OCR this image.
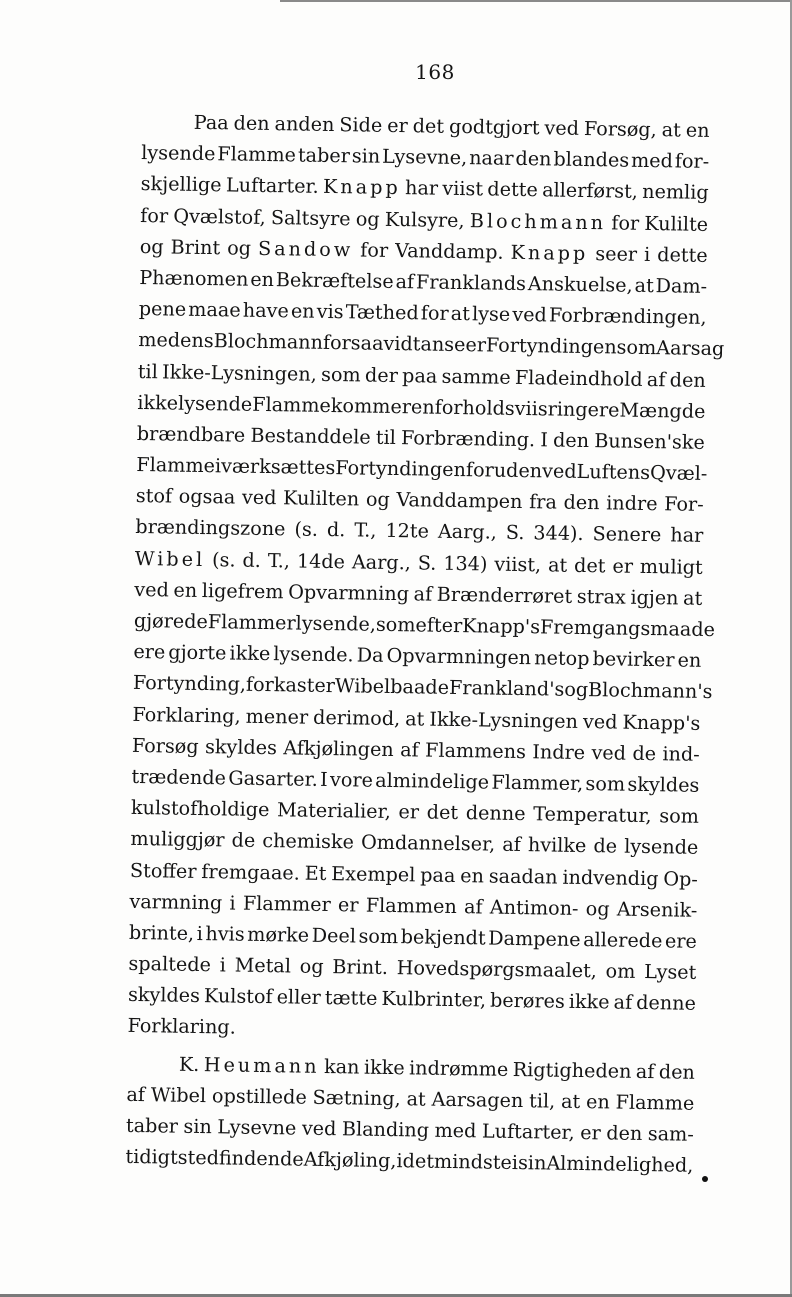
168
Paa den anden Side er det godtgjort ved Forsøg, at en
lysende Flamme taber sin Lysevne, naar den blandes med for-
skjellige Luftarter. Knapp har viist dette allerførst, nemlig
for Qvælstof, Saltsyre og Kulsyre, Blochmann for Kulilte
og Brint og Sandow for Vanddamp. Knapp seer i dette
Phænomen en Bekræftelse af Franklands Anskuelse, at Dam-
pene maae have en vis Tæthed for at lyse ved Forbrændingen,
medens Blochmann forsaavidt anseer Fortyndingen som Aarsag
til Ikke-Lysningen, som der paa samme Fladeindhold af den
ikke lysende Flamme kommer en forholdsviis ringere Mængde
brændbare Bestanddele til Forbrænding. I den Bunsen'ske
Flamme iværksættes Fortyndingen foruden ved Luftens Qvæl-
stof ogsaa ved Kulilten og Vanddampen fra den indre For-
brændingszone (s. d. T., 12te Aarg., S. 344). Senere har
Wibel (s. d. T., 14de Aarg., S. 134) viist, at det er muligt
ved en ligefrem Opvarmning af Brænderrøret strax igjen at
gjøre de Flammer lysende, som efter Knapp's Fremgangsmaade
ere gjorte ikke lysende. Da Opvarmningen netop bevirker en
Fortynding, forkaster Wibel baade Frankland's og Blochmann's
Forklaring, mener derimod, at Ikke-Lysningen ved Knapp's
Forsøg skyldes Afkjølingen af Flammens Indre ved de ind-
trædende Gasarter. I vore almindelige Flammer, som skyldes
kulstofholdige Materialier, er det denne Temperatur, som
muliggjør de chemiske Omdannelser, af hvilke de lysende
Stoffer fremgaae. Et Exempel paa en saadan indvendig Op-
varmning i Flammer er Flammen af Antimon- og Arsenik-
brinte, i hvis mørke Deel som bekjendt Dampene allerede ere
spaltede i Metal og Brint. Hovedspørgsmaalet, om Lyset
skyldes Kulstof eller tætte Kulbrinter, berøres ikke af denne
Forklaring.
K. Heumann kan ikke indrømme Rigtigheden af den
af Wibel opstillede Sætning, at Aarsagen til, at en Flamme
taber sin Lysevne ved Blanding med Luftarter, er den sam-
tidigt stedfindende Afkjøling, idetmindste i sin Almindelighed,
